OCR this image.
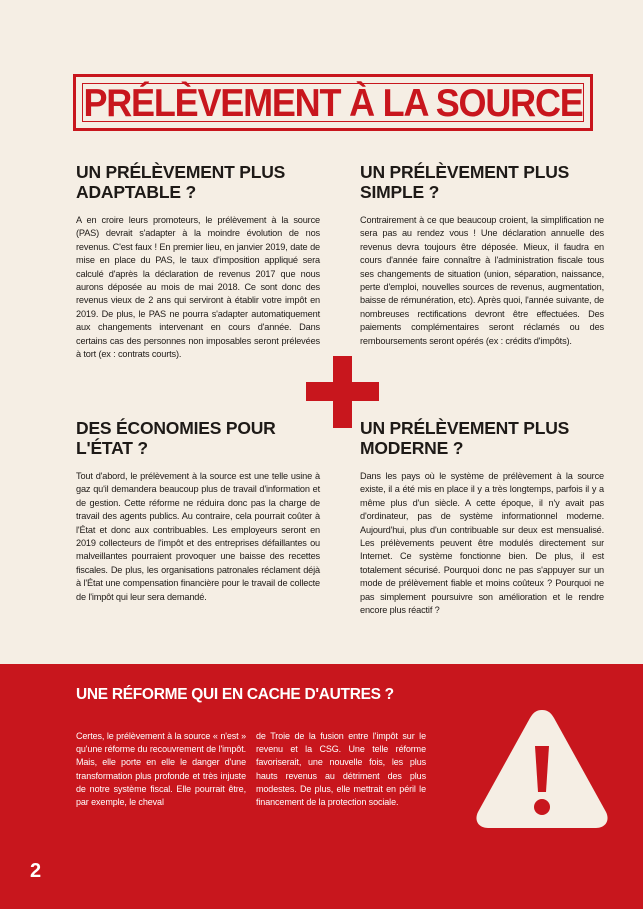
PRÉLÈVEMENT À LA SOURCE
UN PRÉLÈVEMENT PLUS
ADAPTABLE ?

A en croire leurs promoteurs, le prélèvement à la source (PAS) devrait s'adapter à la moindre évolution de nos revenus. C'est faux ! En premier lieu, en janvier 2019, date de mise en place du PAS, le taux d'imposition appliqué sera calculé d'après la déclaration de revenus 2017 que nous aurons déposée au mois de mai 2018. Ce sont donc des revenus vieux de 2 ans qui serviront à établir votre impôt en 2019. De plus, le PAS ne pourra s'adapter automatiquement aux changements intervenant en cours d'année. Dans certains cas des personnes non imposables seront prélevées à tort (ex : contrats courts).

UN PRÉLÈVEMENT PLUS
SIMPLE ?

Contrairement à ce que beaucoup croient, la simplification ne sera pas au rendez vous ! Une déclaration annuelle des revenus devra toujours être déposée. Mieux, il faudra en cours d'année faire connaître à l'administration fiscale tous ses changements de situation (union, séparation, naissance, perte d'emploi, nouvelles sources de revenus, augmentation, baisse de rémunération, etc). Après quoi, l'année suivante, de nombreuses rectifications devront être effectuées. Des paiements complémentaires seront réclamés ou des remboursements seront opérés (ex : crédits d'impôts).

DES ÉCONOMIES POUR
L'ÉTAT ?

Tout d'abord, le prélèvement à la source est une telle usine à gaz qu'il demandera beaucoup plus de travail d'information et de gestion. Cette réforme ne réduira donc pas la charge de travail des agents publics. Au contraire, cela pourrait coûter à l'État et donc aux contribuables. Les employeurs seront en 2019 collecteurs de l'impôt et des entreprises défaillantes ou malveillantes pourraient provoquer une baisse des recettes fiscales. De plus, les organisations patronales réclament déjà à l'État une compensation financière pour le travail de collecte de l'impôt qui leur sera demandé.

UN PRÉLÈVEMENT PLUS
MODERNE ?

Dans les pays où le système de prélèvement à la source existe, il a été mis en place il y a très longtemps, parfois il y a même plus d'un siècle. A cette époque, il n'y avait pas d'ordinateur, pas de système informationnel moderne. Aujourd'hui, plus d'un contribuable sur deux est mensualisé. Les prélèvements peuvent être modulés directement sur Internet. Ce système fonctionne bien. De plus, il est totalement sécurisé. Pourquoi donc ne pas s'appuyer sur un mode de prélèvement fiable et moins coûteux ? Pourquoi ne pas simplement poursuivre son amélioration et le rendre encore plus réactif ?

UNE RÉFORME QUI EN CACHE D'AUTRES ?

Certes, le prélèvement à la source « n'est » qu'une réforme du recouvrement de l'impôt. Mais, elle porte en elle le danger d'une transformation plus profonde et très injuste de notre système fiscal. Elle pourrait être, par exemple, le cheval

de Troie de la fusion entre l'impôt sur le revenu et la CSG. Une telle réforme favoriserait, une nouvelle fois, les plus hauts revenus au détriment des plus modestes. De plus, elle mettrait en péril le financement de la protection sociale.

2
